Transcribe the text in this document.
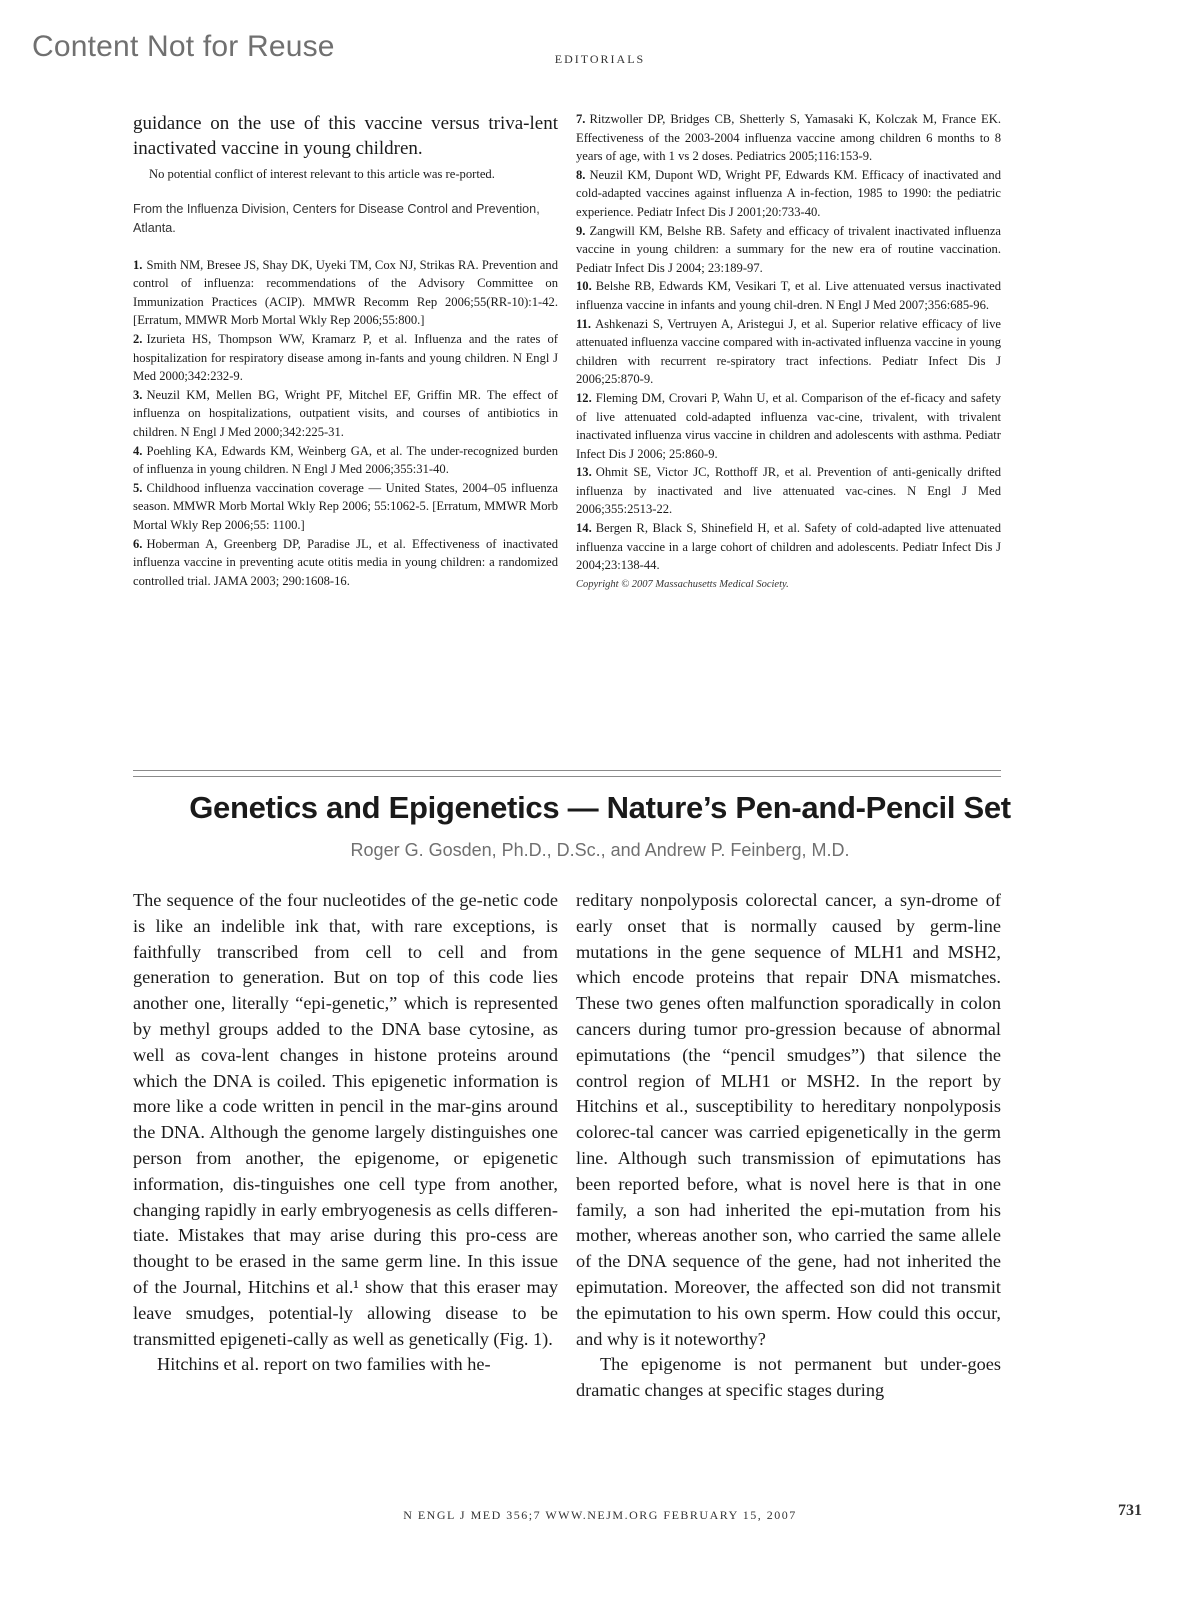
Content Not for Reuse	EDITORIALS

guidance on the use of this vaccine versus triva-lent inactivated vaccine in young children.

No potential conflict of interest relevant to this article was re-ported.

From the Influenza Division, Centers for Disease Control and Prevention, Atlanta.

1. Smith NM, Bresee JS, Shay DK, Uyeki TM, Cox NJ, Strikas RA. Prevention and control of influenza: recommendations of the Advisory Committee on Immunization Practices (ACIP). MMWR Recomm Rep 2006;55(RR-10):1-42. [Erratum, MMWR Morb Mortal Wkly Rep 2006;55:800.]
2. Izurieta HS, Thompson WW, Kramarz P, et al. Influenza and the rates of hospitalization for respiratory disease among in-fants and young children. N Engl J Med 2000;342:232-9.
3. Neuzil KM, Mellen BG, Wright PF, Mitchel EF, Griffin MR. The effect of influenza on hospitalizations, outpatient visits, and courses of antibiotics in children. N Engl J Med 2000;342:225-31.
4. Poehling KA, Edwards KM, Weinberg GA, et al. The under-recognized burden of influenza in young children. N Engl J Med 2006;355:31-40.
5. Childhood influenza vaccination coverage — United States, 2004–05 influenza season. MMWR Morb Mortal Wkly Rep 2006; 55:1062-5. [Erratum, MMWR Morb Mortal Wkly Rep 2006;55: 1100.]
6. Hoberman A, Greenberg DP, Paradise JL, et al. Effectiveness of inactivated influenza vaccine in preventing acute otitis media in young children: a randomized controlled trial. JAMA 2003; 290:1608-16.
7. Ritzwoller DP, Bridges CB, Shetterly S, Yamasaki K, Kolczak M, France EK. Effectiveness of the 2003-2004 influenza vaccine among children 6 months to 8 years of age, with 1 vs 2 doses. Pediatrics 2005;116:153-9.
8. Neuzil KM, Dupont WD, Wright PF, Edwards KM. Efficacy of inactivated and cold-adapted vaccines against influenza A in-fection, 1985 to 1990: the pediatric experience. Pediatr Infect Dis J 2001;20:733-40.
9. Zangwill KM, Belshe RB. Safety and efficacy of trivalent inactivated influenza vaccine in young children: a summary for the new era of routine vaccination. Pediatr Infect Dis J 2004; 23:189-97.
10. Belshe RB, Edwards KM, Vesikari T, et al. Live attenuated versus inactivated influenza vaccine in infants and young chil-dren. N Engl J Med 2007;356:685-96.
11. Ashkenazi S, Vertruyen A, Aristegui J, et al. Superior relative efficacy of live attenuated influenza vaccine compared with in-activated influenza vaccine in young children with recurrent re-spiratory tract infections. Pediatr Infect Dis J 2006;25:870-9.
12. Fleming DM, Crovari P, Wahn U, et al. Comparison of the ef-ficacy and safety of live attenuated cold-adapted influenza vac-cine, trivalent, with trivalent inactivated influenza virus vaccine in children and adolescents with asthma. Pediatr Infect Dis J 2006; 25:860-9.
13. Ohmit SE, Victor JC, Rotthoff JR, et al. Prevention of anti-genically drifted influenza by inactivated and live attenuated vac-cines. N Engl J Med 2006;355:2513-22.
14. Bergen R, Black S, Shinefield H, et al. Safety of cold-adapted live attenuated influenza vaccine in a large cohort of children and adolescents. Pediatr Infect Dis J 2004;23:138-44.
Copyright © 2007 Massachusetts Medical Society.
Genetics and Epigenetics — Nature’s Pen-and-Pencil Set
Roger G. Gosden, Ph.D., D.Sc., and Andrew P. Feinberg, M.D.

The sequence of the four nucleotides of the ge-netic code is like an indelible ink that, with rare exceptions, is faithfully transcribed from cell to cell and from generation to generation. But on top of this code lies another one, literally “epi-genetic,” which is represented by methyl groups added to the DNA base cytosine, as well as cova-lent changes in histone proteins around which the DNA is coiled. This epigenetic information is more like a code written in pencil in the mar-gins around the DNA. Although the genome largely distinguishes one person from another, the epigenome, or epigenetic information, dis-tinguishes one cell type from another, changing rapidly in early embryogenesis as cells differen-tiate. Mistakes that may arise during this pro-cess are thought to be erased in the same germ line. In this issue of the Journal, Hitchins et al.¹ show that this eraser may leave smudges, potential-ly allowing disease to be transmitted epigeneti-cally as well as genetically (Fig. 1).

Hitchins et al. report on two families with he-

reditary nonpolyposis colorectal cancer, a syn-drome of early onset that is normally caused by germ-line mutations in the gene sequence of MLH1 and MSH2, which encode proteins that repair DNA mismatches. These two genes often malfunction sporadically in colon cancers during tumor pro-gression because of abnormal epimutations (the “pencil smudges”) that silence the control region of MLH1 or MSH2. In the report by Hitchins et al., susceptibility to hereditary nonpolyposis colorec-tal cancer was carried epigenetically in the germ line. Although such transmission of epimutations has been reported before, what is novel here is that in one family, a son had inherited the epi-mutation from his mother, whereas another son, who carried the same allele of the DNA sequence of the gene, had not inherited the epimutation. Moreover, the affected son did not transmit the epimutation to his own sperm. How could this occur, and why is it noteworthy?

The epigenome is not permanent but under-goes dramatic changes at specific stages during

N ENGL J MED 356;7 WWW.NEJM.ORG FEBRUARY 15, 2007	731
